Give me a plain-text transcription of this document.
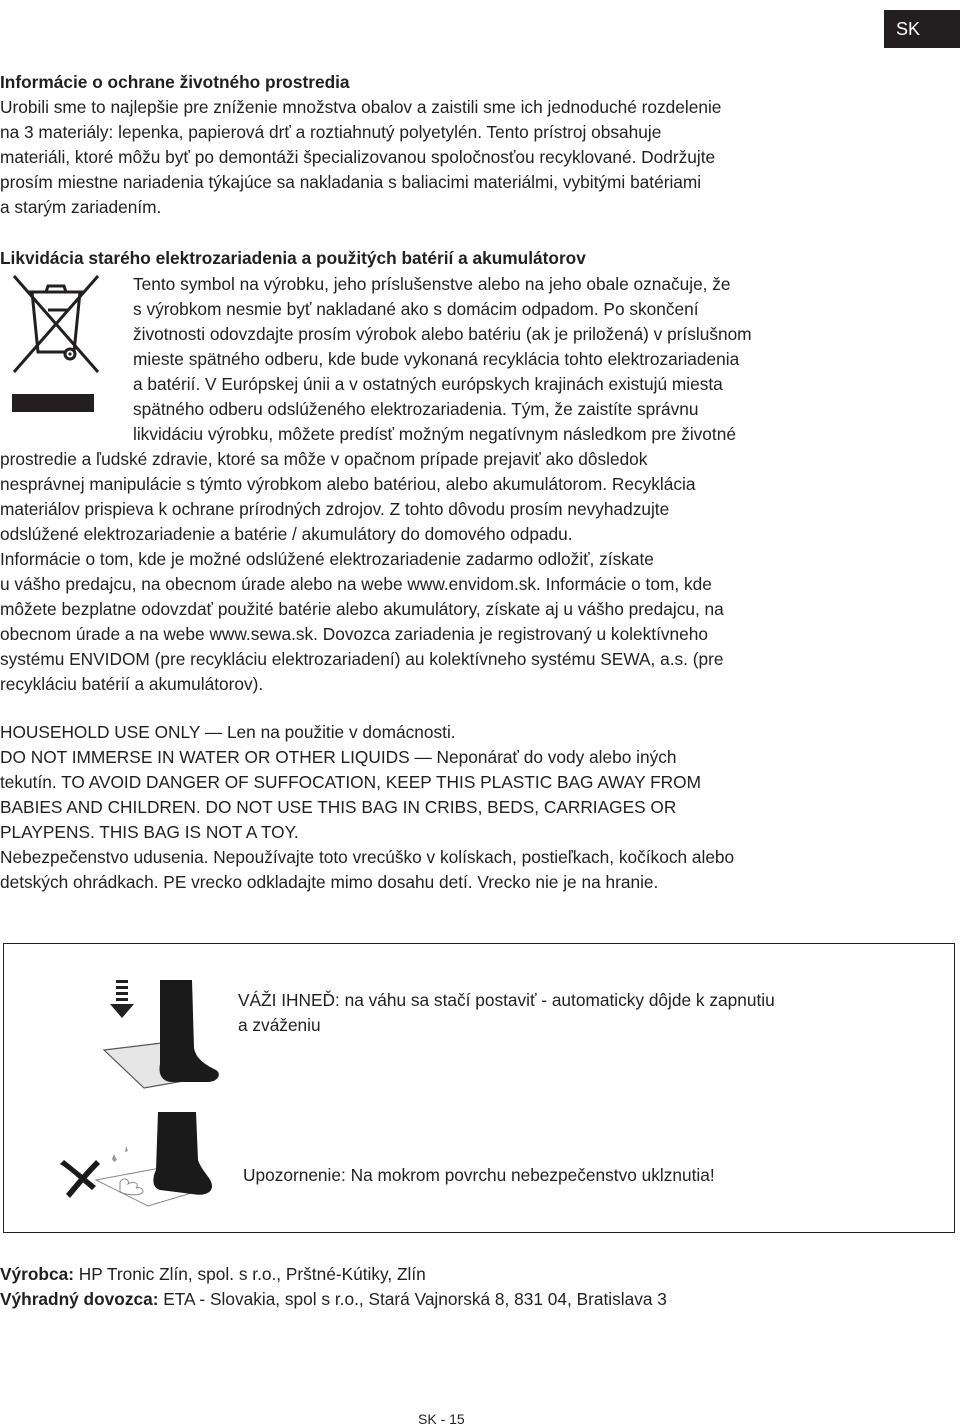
SK

Informácie o ochrane životného prostredia

Urobili sme to najlepšie pre zníženie množstva obalov a zaistili sme ich jednoduché rozdelenie

na 3 materiály: lepenka, papierová drť a roztiahnutý polyetylén. Tento prístroj obsahuje

materiáli, ktoré môžu byť po demontáži špecializovanou spoločnosťou recyklované. Dodržujte

prosím miestne nariadenia týkajúce sa nakladania s baliacimi materiálmi, vybitými batériami

a starým zariadením.

Likvidácia starého elektrozariadenia a použitých batérií a akumulátorov

Tento symbol na výrobku, jeho príslušenstve alebo na jeho obale označuje, že

s výrobkom nesmie byť nakladané ako s domácim odpadom. Po skončení

životnosti odovzdajte prosím výrobok alebo batériu (ak je priložená) v príslušnom

mieste spätného odberu, kde bude vykonaná recyklácia tohto elektrozariadenia

a batérií. V Európskej únii a v ostatných európskych krajinách existujú miesta

spätného odberu odslúženého elektrozariadenia. Tým, že zaistíte správnu

likvidáciu výrobku, môžete predísť možným negatívnym následkom pre životné

prostredie a ľudské zdravie, ktoré sa môže v opačnom prípade prejaviť ako dôsledok

nesprávnej manipulácie s týmto výrobkom alebo batériou, alebo akumulátorom. Recyklácia

materiálov prispieva k ochrane prírodných zdrojov. Z tohto dôvodu prosím nevyhadzujte

odslúžené elektrozariadenie a batérie / akumulátory do domového odpadu.

Informácie o tom, kde je možné odslúžené elektrozariadenie zadarmo odložiť, získate

u vášho predajcu, na obecnom úrade alebo na webe www.envidom.sk. Informácie o tom, kde

môžete bezplatne odovzdať použité batérie alebo akumulátory, získate aj u vášho predajcu, na

obecnom úrade a na webe www.sewa.sk. Dovozca zariadenia je registrovaný u kolektívneho

systému ENVIDOM (pre recykláciu elektrozariadení) au kolektívneho systému SEWA, a.s. (pre

recykláciu batérií a akumulátorov).

HOUSEHOLD USE ONLY — Len na použitie v domácnosti.

DO NOT IMMERSE IN WATER OR OTHER LIQUIDS — Neponárať do vody alebo iných

tekutín. TO AVOID DANGER OF SUFFOCATION, KEEP THIS PLASTIC BAG AWAY FROM

BABIES AND CHILDREN. DO NOT USE THIS BAG IN CRIBS, BEDS, CARRIAGES OR

PLAYPENS. THIS BAG IS NOT A TOY.

Nebezpečenstvo udusenia. Nepoužívajte toto vrecúško v kolískach, postieľkach, kočíkoch alebo

detských ohrádkach. PE vrecko odkladajte mimo dosahu detí. Vrecko nie je na hranie.

VÁŽI IHNEĎ: na váhu sa stačí postaviť - automaticky dôjde k zapnutiu

a zváženiu

Upozornenie: Na mokrom povrchu nebezpečenstvo uklznutia!

Výrobca: HP Tronic Zlín, spol. s r.o., Prštné-Kútiky, Zlín

Výhradný dovozca: ETA - Slovakia, spol s r.o., Stará Vajnorská 8, 831 04, Bratislava 3

SK - 15
